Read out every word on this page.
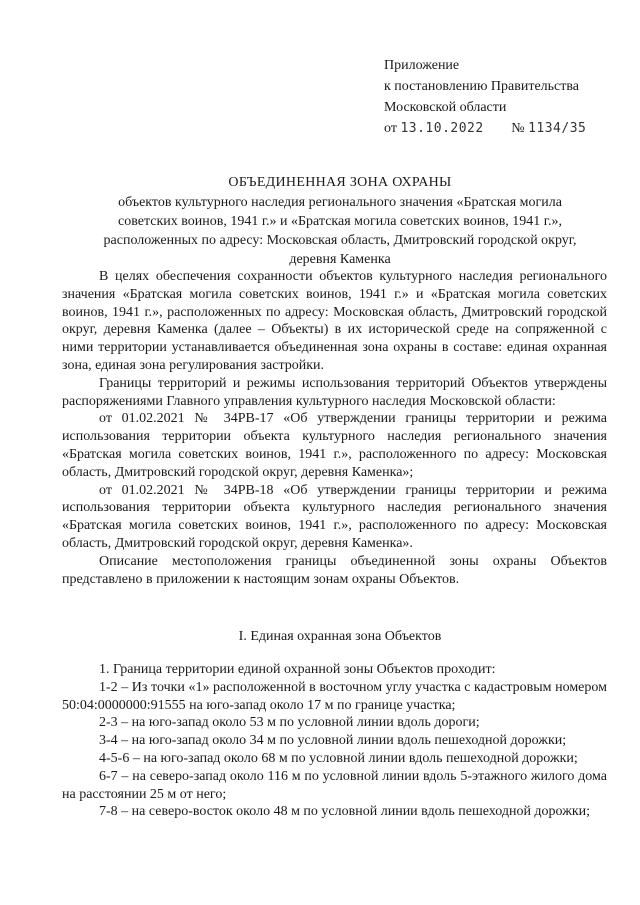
Приложение
к постановлению Правительства
Московской области
от 13.10.2022 № 1134/35
ОБЪЕДИНЕННАЯ ЗОНА ОХРАНЫ
объектов культурного наследия регионального значения «Братская могила
советских воинов, 1941 г.» и «Братская могила советских воинов, 1941 г.»,
расположенных по адресу: Московская область, Дмитровский городской округ,
деревня Каменка

В целях обеспечения сохранности объектов культурного наследия регионального значения «Братская могила советских воинов, 1941 г.» и «Братская могила советских воинов, 1941 г.», расположенных по адресу: Московская область, Дмитровский городской округ, деревня Каменка (далее – Объекты) в их исторической среде на сопряженной с ними территории устанавливается объединенная зона охраны в составе: единая охранная зона, единая зона регулирования застройки.

Границы территорий и режимы использования территорий Объектов утверждены распоряжениями Главного управления культурного наследия Московской области:

от 01.02.2021 № 34РВ-17 «Об утверждении границы территории и режима использования территории объекта культурного наследия регионального значения «Братская могила советских воинов, 1941 г.», расположенного по адресу: Московская область, Дмитровский городской округ, деревня Каменка»;

от 01.02.2021 № 34РВ-18 «Об утверждении границы территории и режима использования территории объекта культурного наследия регионального значения «Братская могила советских воинов, 1941 г.», расположенного по адресу: Московская область, Дмитровский городской округ, деревня Каменка».

Описание местоположения границы объединенной зоны охраны Объектов представлено в приложении к настоящим зонам охраны Объектов.

I. Единая охранная зона Объектов

1. Граница территории единой охранной зоны Объектов проходит:

1-2 – Из точки «1» расположенной в восточном углу участка с кадастровым номером 50:04:0000000:91555 на юго-запад около 17 м по границе участка;

2-3 – на юго-запад около 53 м по условной линии вдоль дороги;

3-4 – на юго-запад около 34 м по условной линии вдоль пешеходной дорожки;

4-5-6 – на юго-запад около 68 м по условной линии вдоль пешеходной дорожки;

6-7 – на северо-запад около 116 м по условной линии вдоль 5-этажного жилого дома на расстоянии 25 м от него;

7-8 – на северо-восток около 48 м по условной линии вдоль пешеходной дорожки;
